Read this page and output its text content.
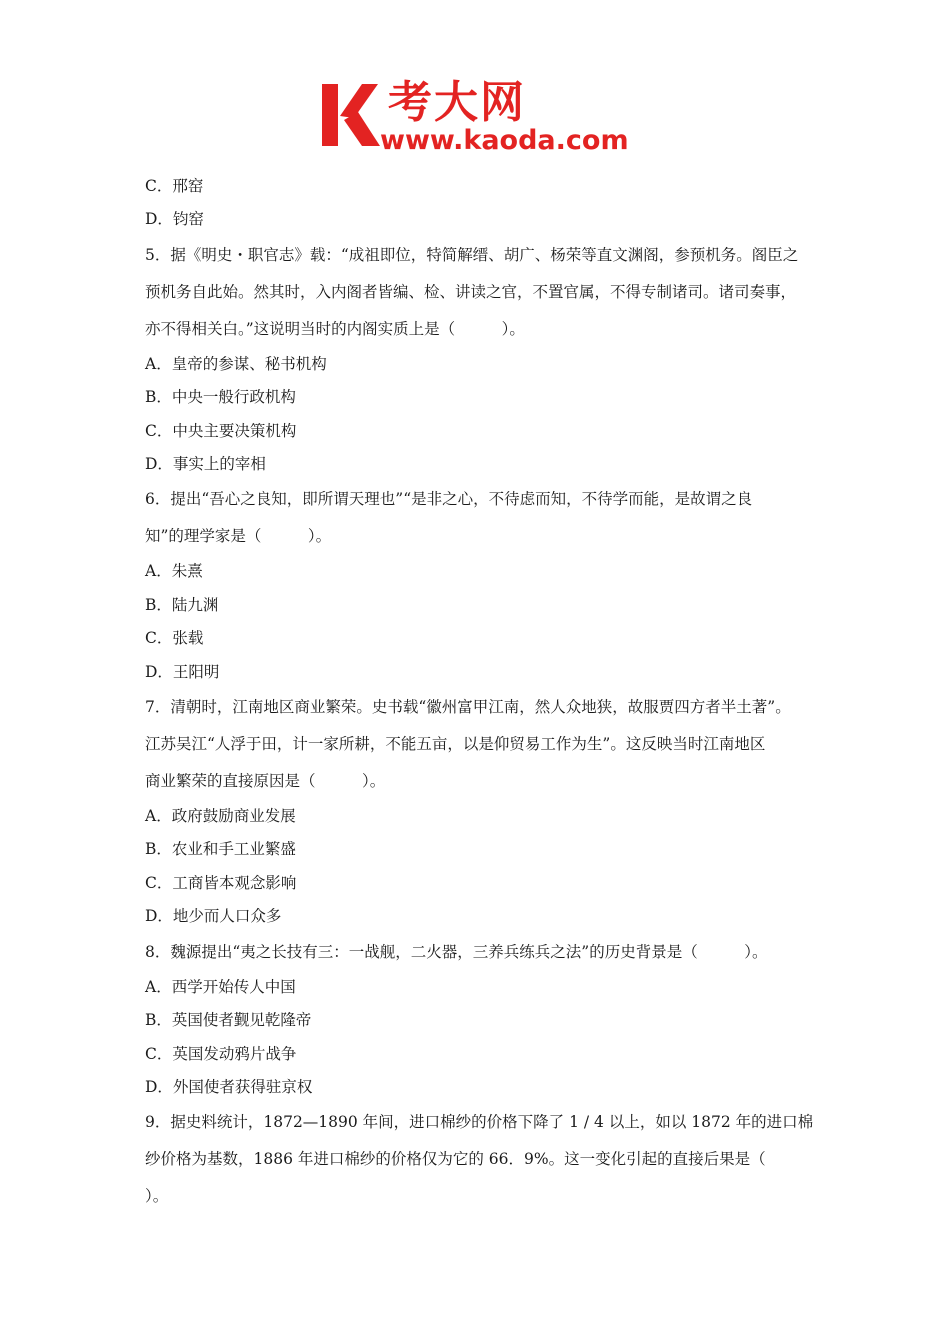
考大网
www.kaoda.com
C．邢窑
D．钧窑
5．据《明史・职官志》载：“成祖即位，特简解缙、胡广、杨荣等直文渊阁，参预机务。阁臣之
预机务自此始。然其时，入内阁者皆编、检、讲读之官，不置官属，不得专制诸司。诸司奏事，
亦不得相关白。”这说明当时的内阁实质上是（　　　）。
A．皇帝的参谋、秘书机构
B．中央一般行政机构
C．中央主要决策机构
D．事实上的宰相
6．提出“吾心之良知，即所谓天理也”“是非之心，不待虑而知，不待学而能，是故谓之良
知”的理学家是（　　　）。
A．朱熹
B．陆九渊
C．张载
D．王阳明
7．清朝时，江南地区商业繁荣。史书载“徽州富甲江南，然人众地狭，故服贾四方者半土著”。
江苏吴江“人浮于田，计一家所耕，不能五亩，以是仰贸易工作为生”。这反映当时江南地区
商业繁荣的直接原因是（　　　）。
A．政府鼓励商业发展
B．农业和手工业繁盛
C．工商皆本观念影响
D．地少而人口众多
8．魏源提出“夷之长技有三：一战舰，二火器，三养兵练兵之法”的历史背景是（　　　）。
A．西学开始传人中国
B．英国使者觐见乾隆帝
C．英国发动鸦片战争
D．外国使者获得驻京权
9．据史料统计，1872—1890 年间，进口棉纱的价格下降了 1 / 4 以上，如以 1872 年的进口棉
纱价格为基数，1886 年进口棉纱的价格仅为它的 66．9%。这一变化引起的直接后果是（
）。
